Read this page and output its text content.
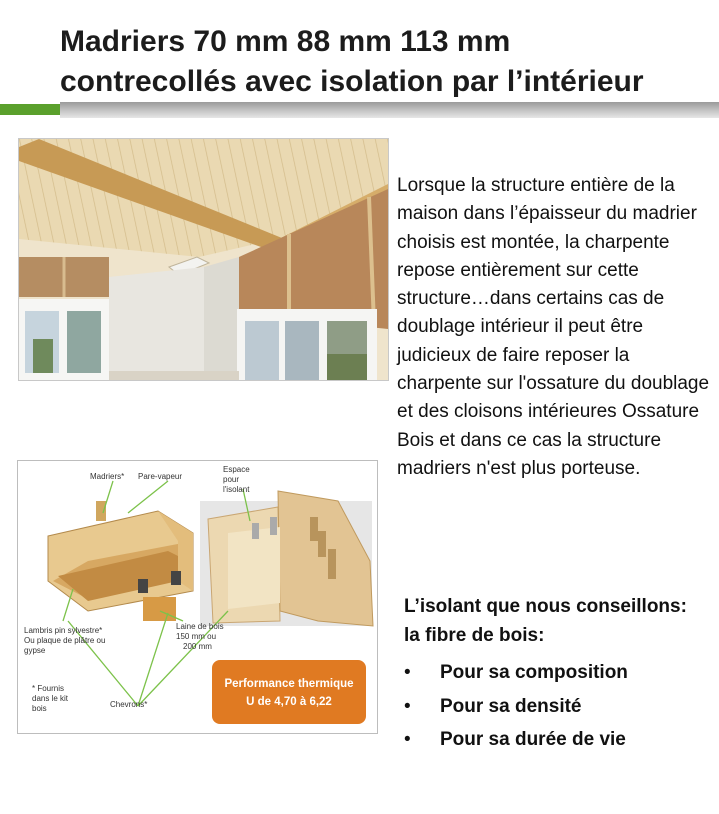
Madriers 70 mm 88 mm 113 mm
contrecollés avec isolation par l’intérieur

Lorsque la structure entière de la maison dans l’épaisseur du madrier choisis est montée, la charpente repose entièrement sur cette structure…dans certains cas de doublage intérieur il peut être judicieux de faire reposer la charpente sur l'ossature du doublage et des cloisons intérieures Ossature Bois et dans ce cas la structure madriers n'est plus porteuse.

Madriers* Pare-vapeur
Espace
pour
l'isolant
Lambris pin sylvestre*
Ou plaque de plâtre ou
gypse
Laine de bois
150 mm ou
200 mm
* Fournis
dans le kit
bois	Chevrons*
Performance thermique
U de 4,70 à 6,22

L’isolant que nous conseillons: la fibre de bois:

•	Pour sa composition
•	Pour sa densité
•	Pour sa durée de vie
